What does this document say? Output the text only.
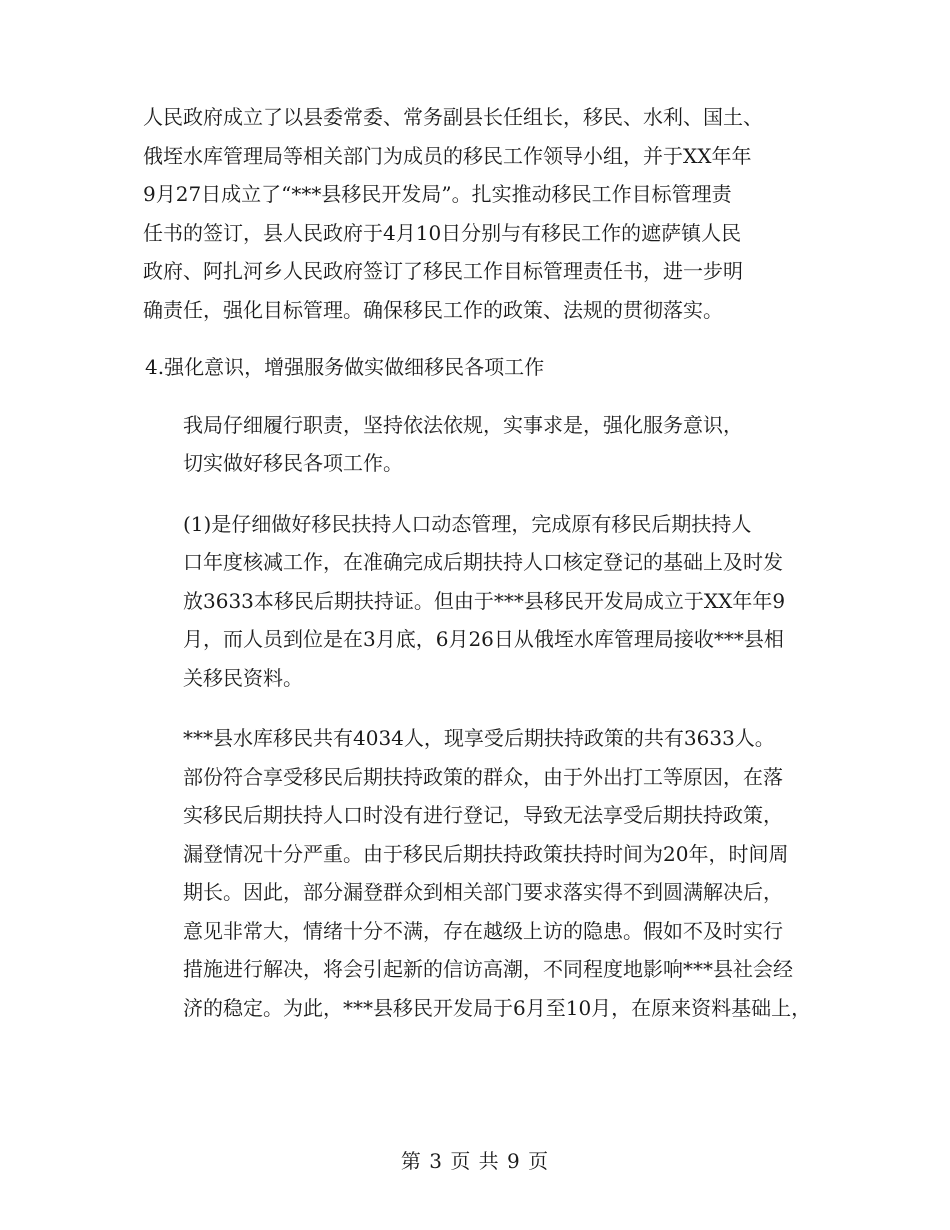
人民政府成立了以县委常委、常务副县长任组长，移民、水利、国土、
俄垤水库管理局等相关部门为成员的移民工作领导小组，并于XX年年
9月27日成立了“***县移民开发局”。扎实推动移民工作目标管理责
任书的签订，县人民政府于4月10日分别与有移民工作的遮萨镇人民
政府、阿扎河乡人民政府签订了移民工作目标管理责任书，进一步明
确责任，强化目标管理。确保移民工作的政策、法规的贯彻落实。

4.强化意识，增强服务做实做细移民各项工作

我局仔细履行职责，坚持依法依规，实事求是，强化服务意识，
切实做好移民各项工作。

(1)是仔细做好移民扶持人口动态管理，完成原有移民后期扶持人
口年度核减工作，在准确完成后期扶持人口核定登记的基础上及时发
放3633本移民后期扶持证。但由于***县移民开发局成立于XX年年9
月，而人员到位是在3月底，6月26日从俄垤水库管理局接收***县相
关移民资料。

***县水库移民共有4034人，现享受后期扶持政策的共有3633人。
部份符合享受移民后期扶持政策的群众，由于外出打工等原因，在落
实移民后期扶持人口时没有进行登记，导致无法享受后期扶持政策，
漏登情况十分严重。由于移民后期扶持政策扶持时间为20年，时间周
期长。因此，部分漏登群众到相关部门要求落实得不到圆满解决后，
意见非常大，情绪十分不满，存在越级上访的隐患。假如不及时实行
措施进行解决，将会引起新的信访高潮，不同程度地影响***县社会经
济的稳定。为此，***县移民开发局于6月至10月，在原来资料基础上，

第 3 页 共 9 页
